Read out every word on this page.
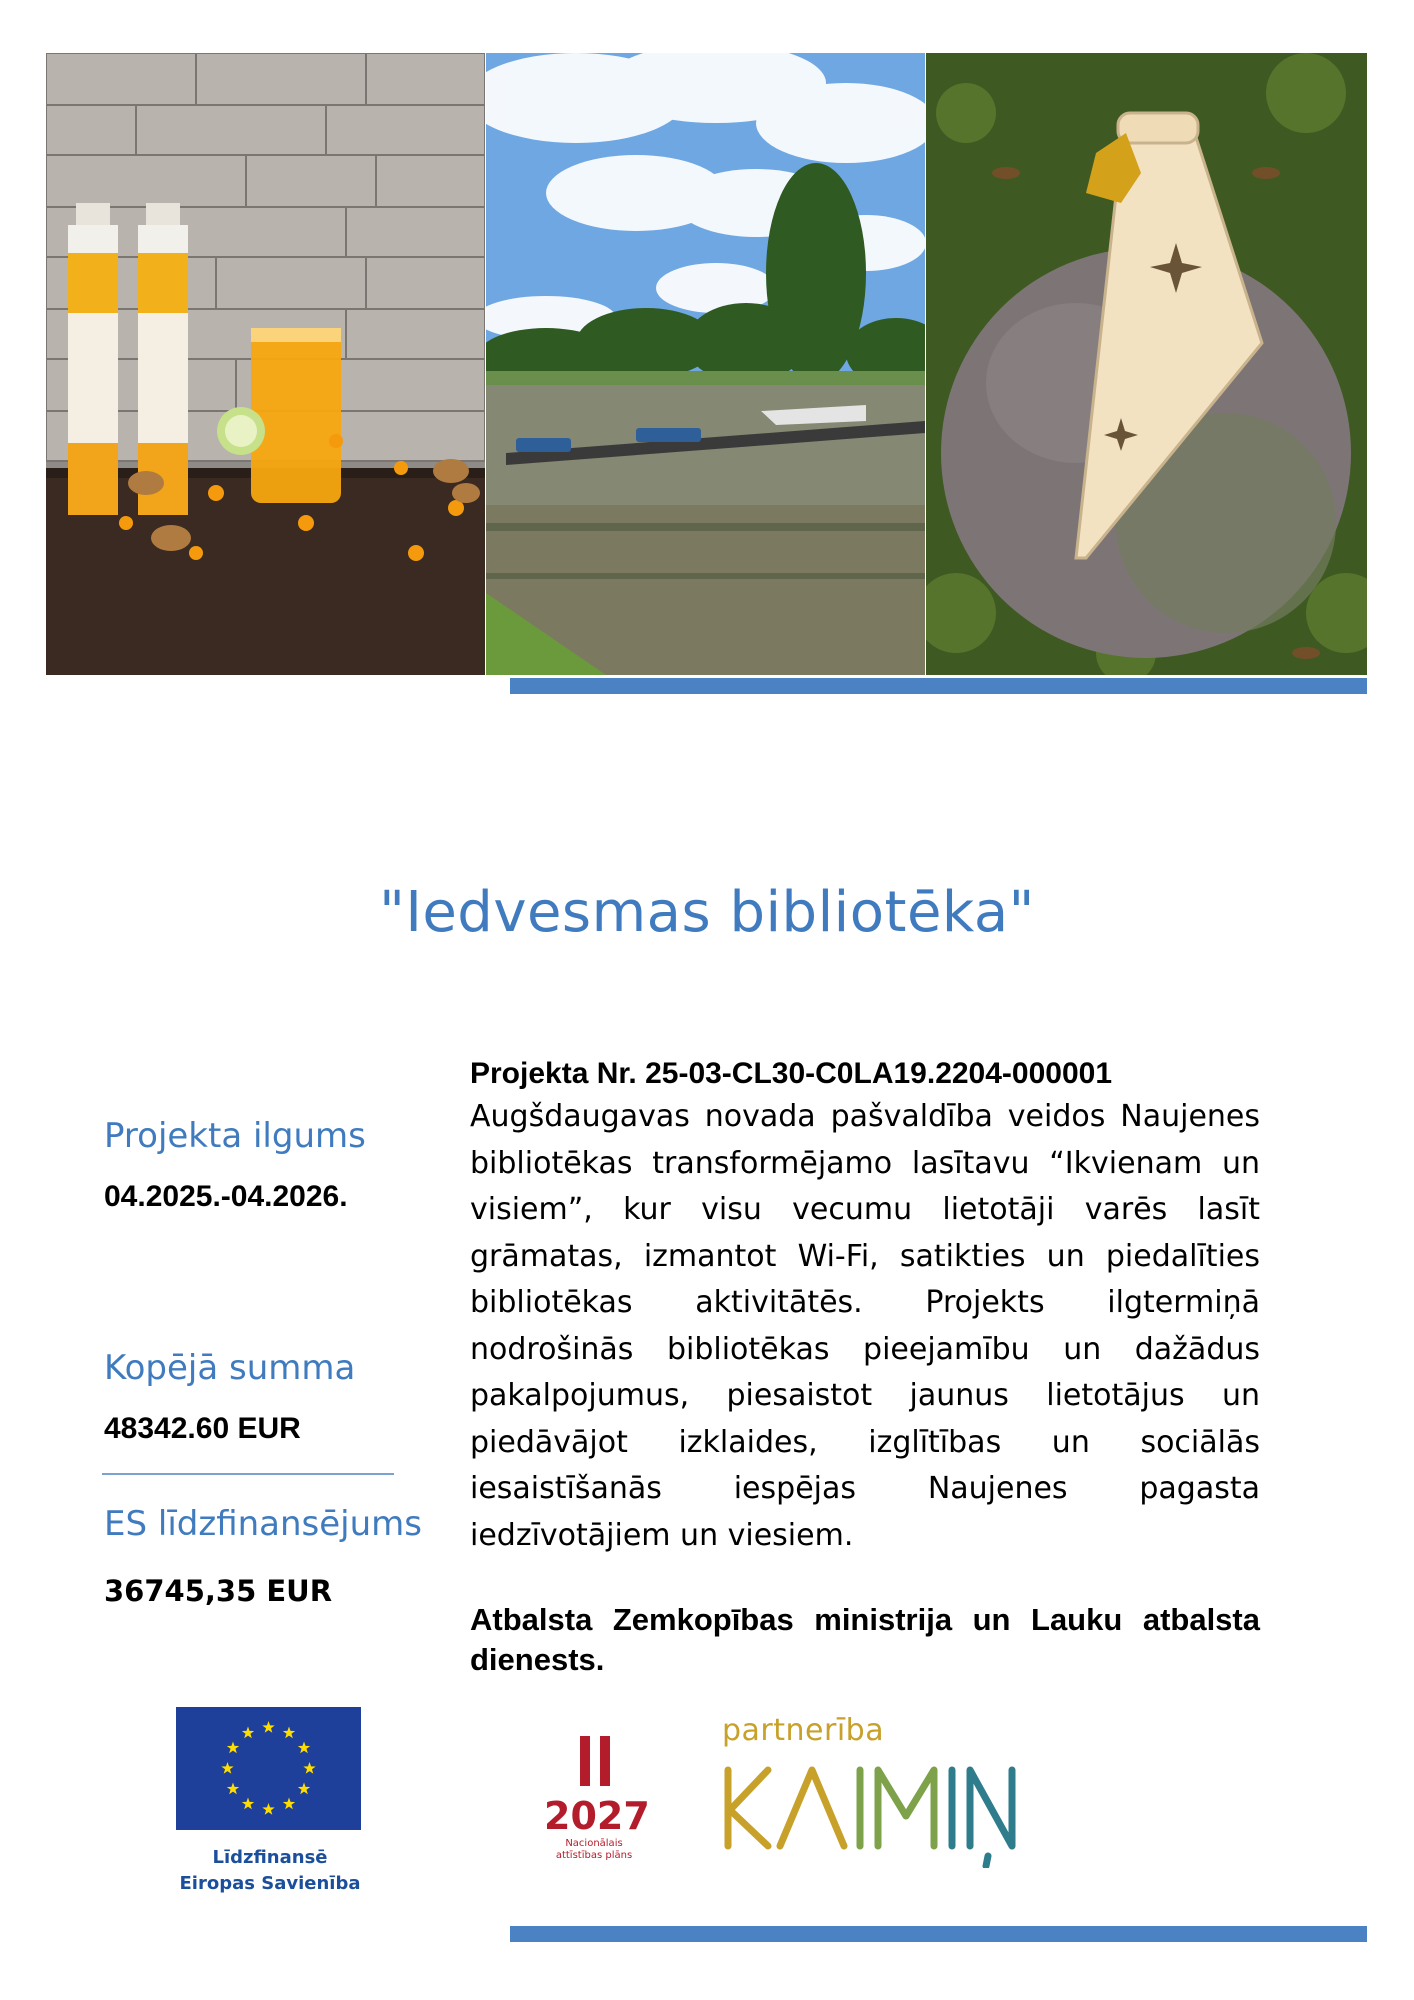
"Iedvesmas bibliotēka"
Projekta ilgums
04.2025.-04.2026.
Kopējā summa
48342.60 EUR
ES līdzfinansējums
36745,35 EUR
Projekta Nr. 25-03-CL30-C0LA19.2204-000001

Augšdaugavas novada pašvaldība veidos Naujenes bibliotēkas transformējamo lasītavu “Ikvienam un visiem”, kur visu vecumu lietotāji varēs lasīt grāmatas, izmantot Wi-Fi, satikties un piedalīties bibliotēkas aktivitātēs. Projekts ilgtermiņā nodrošinās bibliotēkas pieejamību un dažādus pakalpojumus, piesaistot jaunus lietotājus un piedāvājot izklaides, izglītības un sociālās iesaistīšanās iespējas Naujenes pagasta iedzīvotājiem un viesiem.

Atbalsta Zemkopības ministrija un Lauku atbalsta dienests.

Līdzfinansē
Eiropas Savienība
2027
Nacionālais
attīstības plāns
partnerība
